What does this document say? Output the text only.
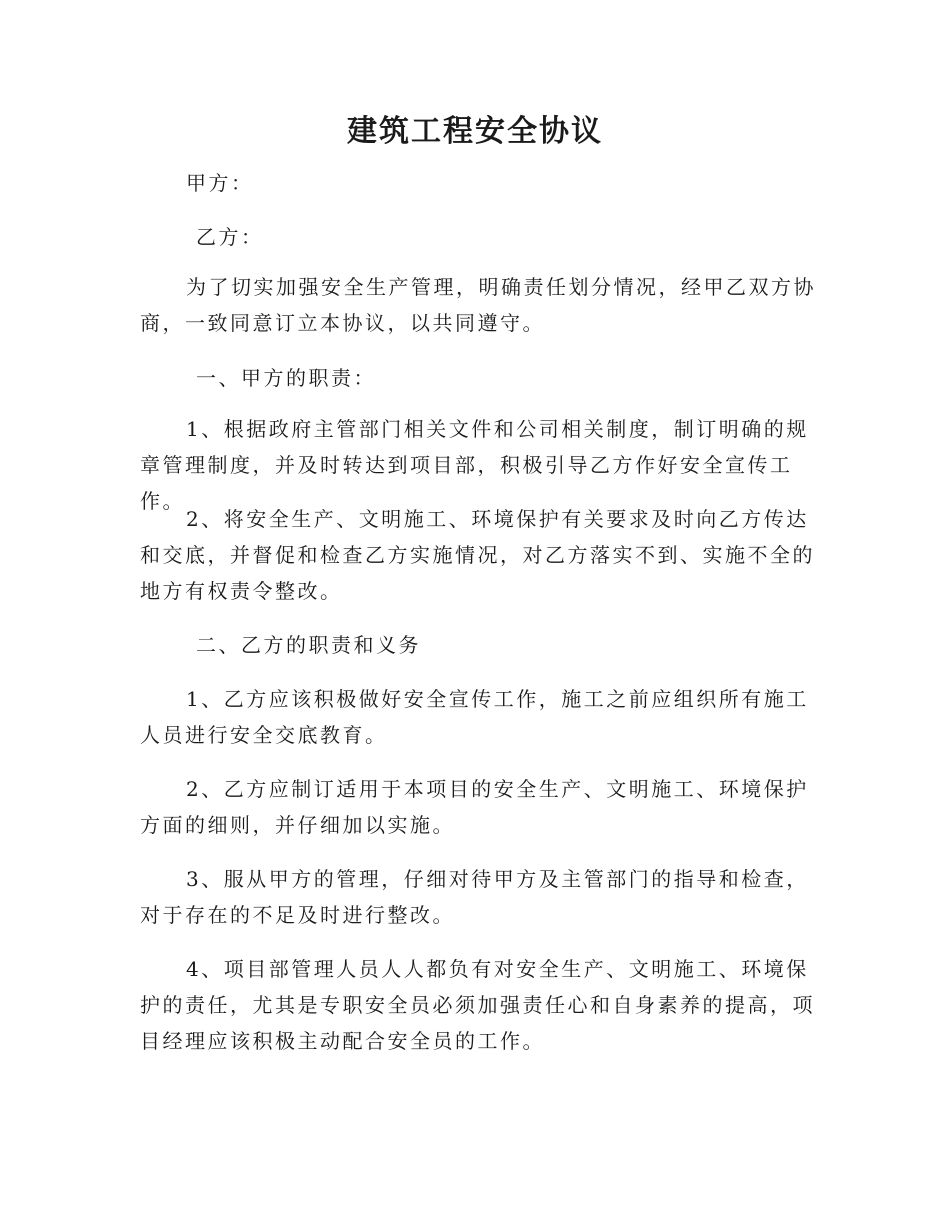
建筑工程安全协议

甲方：

乙方：

为了切实加强安全生产管理，明确责任划分情况，经甲乙双方协商，一致同意订立本协议，以共同遵守。

一、甲方的职责：

1、根据政府主管部门相关文件和公司相关制度，制订明确的规章管理制度，并及时转达到项目部，积极引导乙方作好安全宣传工作。

2、将安全生产、文明施工、环境保护有关要求及时向乙方传达和交底，并督促和检查乙方实施情况，对乙方落实不到、实施不全的地方有权责令整改。

二、乙方的职责和义务

1、乙方应该积极做好安全宣传工作，施工之前应组织所有施工人员进行安全交底教育。

2、乙方应制订适用于本项目的安全生产、文明施工、环境保护方面的细则，并仔细加以实施。

3、服从甲方的管理，仔细对待甲方及主管部门的指导和检查，对于存在的不足及时进行整改。

4、项目部管理人员人人都负有对安全生产、文明施工、环境保护的责任，尤其是专职安全员必须加强责任心和自身素养的提高，项目经理应该积极主动配合安全员的工作。
